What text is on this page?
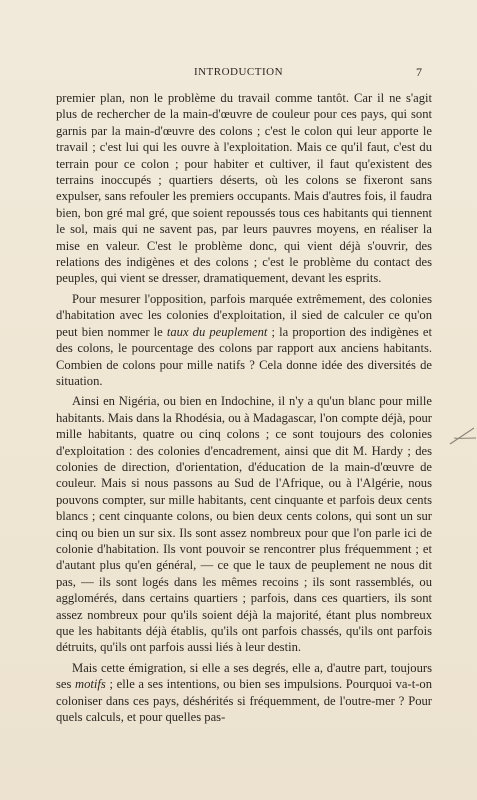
INTRODUCTION	7

premier plan, non le problème du travail comme tantôt. Car il ne s'agit plus de rechercher de la main-d'œuvre de couleur pour ces pays, qui sont garnis par la main-d'œuvre des colons ; c'est le colon qui leur apporte le travail ; c'est lui qui les ouvre à l'exploitation. Mais ce qu'il faut, c'est du terrain pour ce colon ; pour habiter et cultiver, il faut qu'existent des terrains inoccupés ; quartiers déserts, où les colons se fixeront sans expulser, sans refouler les premiers occupants. Mais d'autres fois, il faudra bien, bon gré mal gré, que soient repoussés tous ces habitants qui tiennent le sol, mais qui ne savent pas, par leurs pauvres moyens, en réaliser la mise en valeur. C'est le problème donc, qui vient déjà s'ouvrir, des relations des indigènes et des colons ; c'est le problème du contact des peuples, qui vient se dresser, dramatiquement, devant les esprits.

Pour mesurer l'opposition, parfois marquée extrêmement, des colonies d'habitation avec les colonies d'exploitation, il sied de calculer ce qu'on peut bien nommer le taux du peuplement ; la proportion des indigènes et des colons, le pourcentage des colons par rapport aux anciens habitants. Combien de colons pour mille natifs ? Cela donne idée des diversités de situation.

Ainsi en Nigéria, ou bien en Indochine, il n'y a qu'un blanc pour mille habitants. Mais dans la Rhodésia, ou à Madagascar, l'on compte déjà, pour mille habitants, quatre ou cinq colons ; ce sont toujours des colonies d'exploitation : des colonies d'encadrement, ainsi que dit M. Hardy ; des colonies de direction, d'orientation, d'éducation de la main-d'œuvre de couleur. Mais si nous passons au Sud de l'Afrique, ou à l'Algérie, nous pouvons compter, sur mille habitants, cent cinquante et parfois deux cents blancs ; cent cinquante colons, ou bien deux cents colons, qui sont un sur cinq ou bien un sur six. Ils sont assez nombreux pour que l'on parle ici de colonie d'habitation. Ils vont pouvoir se rencontrer plus fréquemment ; et d'autant plus qu'en général, — ce que le taux de peuplement ne nous dit pas, — ils sont logés dans les mêmes recoins ; ils sont rassemblés, ou agglomérés, dans certains quartiers ; parfois, dans ces quartiers, ils sont assez nombreux pour qu'ils soient déjà la majorité, étant plus nombreux que les habitants déjà établis, qu'ils ont parfois chassés, qu'ils ont parfois détruits, qu'ils ont parfois aussi liés à leur destin.

Mais cette émigration, si elle a ses degrés, elle a, d'autre part, toujours ses motifs ; elle a ses intentions, ou bien ses impulsions. Pourquoi va-t-on coloniser dans ces pays, déshérités si fréquemment, de l'outre-mer ? Pour quels calculs, et pour quelles pas-
